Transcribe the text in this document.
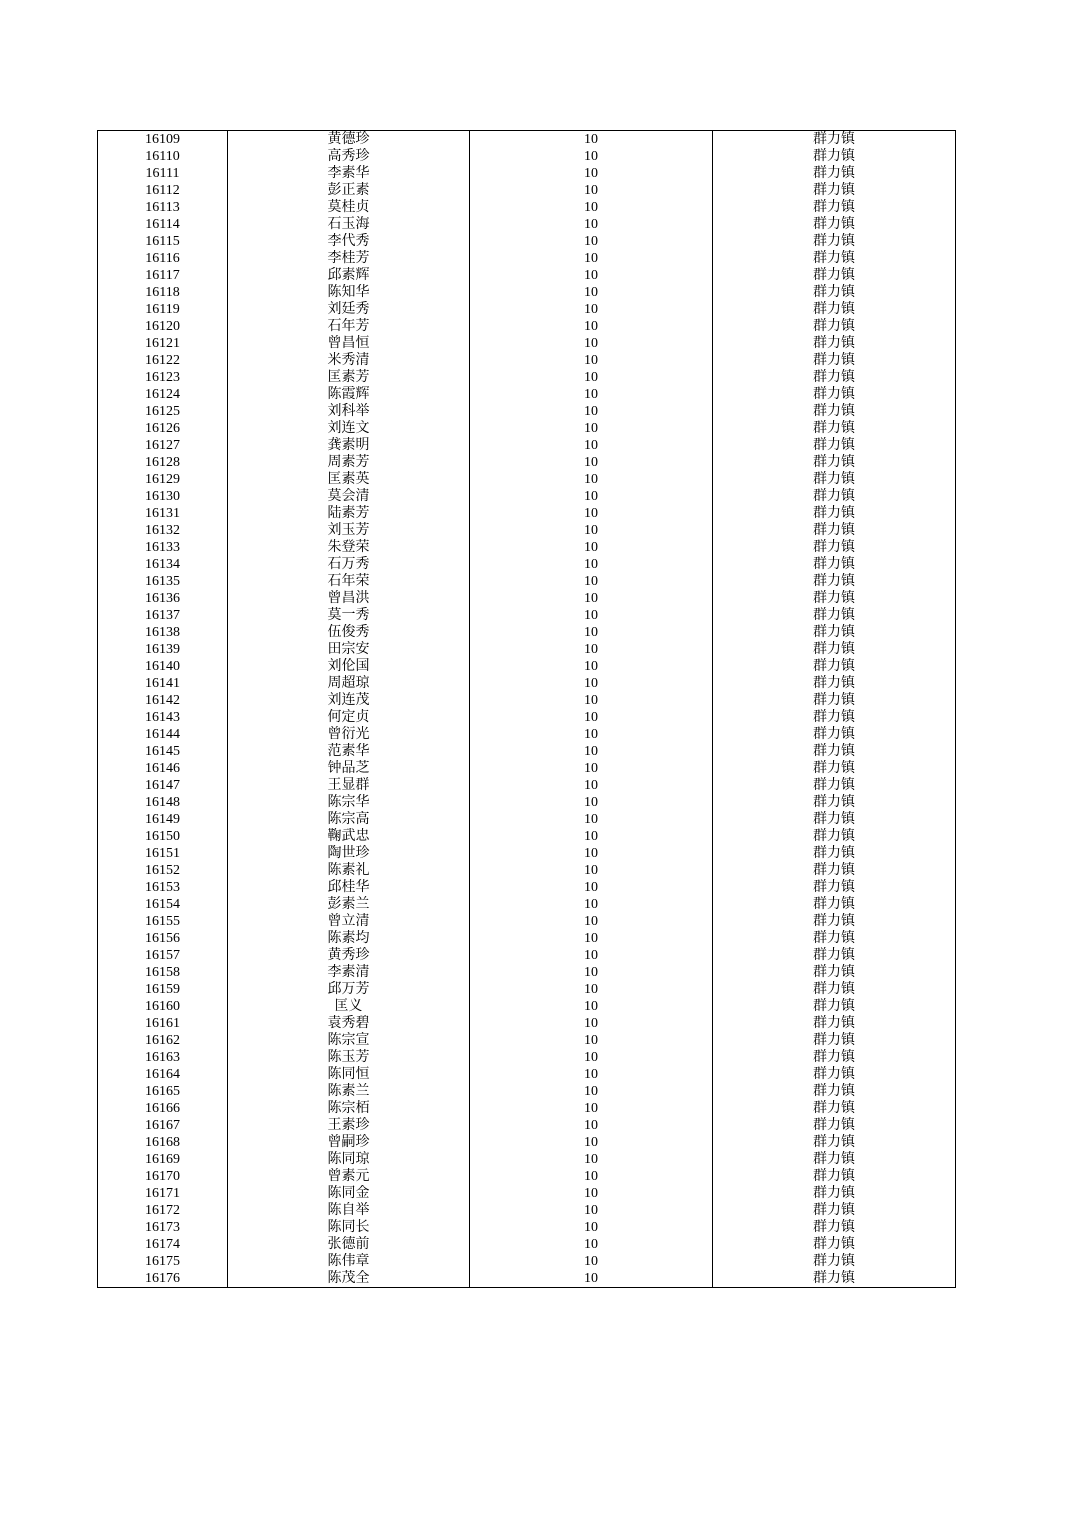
16109	黄德珍	10	群力镇
16110	高秀珍	10	群力镇
16111	李素华	10	群力镇
16112	彭正素	10	群力镇
16113	莫桂贞	10	群力镇
16114	石玉海	10	群力镇
16115	李代秀	10	群力镇
16116	李桂芳	10	群力镇
16117	邱素辉	10	群力镇
16118	陈知华	10	群力镇
16119	刘廷秀	10	群力镇
16120	石年芳	10	群力镇
16121	曾昌恒	10	群力镇
16122	米秀清	10	群力镇
16123	匡素芳	10	群力镇
16124	陈霞辉	10	群力镇
16125	刘科举	10	群力镇
16126	刘连文	10	群力镇
16127	龚素明	10	群力镇
16128	周素芳	10	群力镇
16129	匡素英	10	群力镇
16130	莫会清	10	群力镇
16131	陆素芳	10	群力镇
16132	刘玉芳	10	群力镇
16133	朱登荣	10	群力镇
16134	石万秀	10	群力镇
16135	石年荣	10	群力镇
16136	曾昌洪	10	群力镇
16137	莫一秀	10	群力镇
16138	伍俊秀	10	群力镇
16139	田宗安	10	群力镇
16140	刘伦国	10	群力镇
16141	周超琼	10	群力镇
16142	刘连茂	10	群力镇
16143	何定贞	10	群力镇
16144	曾衍光	10	群力镇
16145	范素华	10	群力镇
16146	钟品芝	10	群力镇
16147	王显群	10	群力镇
16148	陈宗华	10	群力镇
16149	陈宗高	10	群力镇
16150	鞠武忠	10	群力镇
16151	陶世珍	10	群力镇
16152	陈素礼	10	群力镇
16153	邱桂华	10	群力镇
16154	彭素兰	10	群力镇
16155	曾立清	10	群力镇
16156	陈素均	10	群力镇
16157	黄秀珍	10	群力镇
16158	李素清	10	群力镇
16159	邱万芳	10	群力镇
16160	匡义	10	群力镇
16161	袁秀碧	10	群力镇
16162	陈宗宣	10	群力镇
16163	陈玉芳	10	群力镇
16164	陈同恒	10	群力镇
16165	陈素兰	10	群力镇
16166	陈宗栢	10	群力镇
16167	王素珍	10	群力镇
16168	曾嗣珍	10	群力镇
16169	陈同琼	10	群力镇
16170	曾素元	10	群力镇
16171	陈同金	10	群力镇
16172	陈自举	10	群力镇
16173	陈同长	10	群力镇
16174	张德前	10	群力镇
16175	陈伟章	10	群力镇
16176	陈茂全	10	群力镇
